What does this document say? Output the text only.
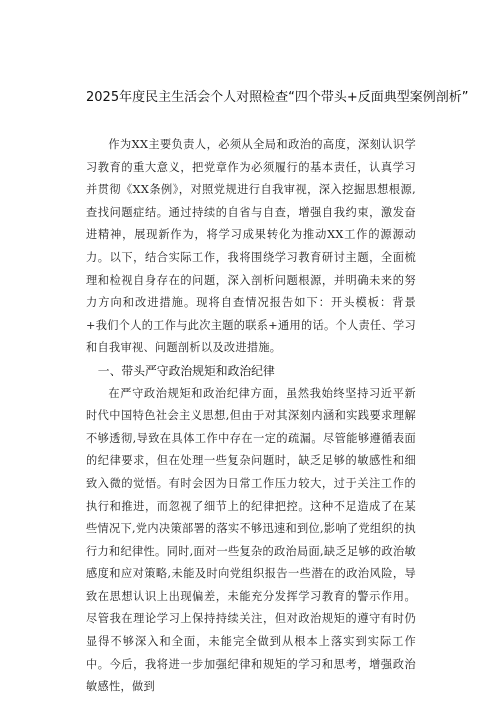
2025年度民主生活会个人对照检查“四个带头+反面典型案例剖析”

作为XX主要负责人，必须从全局和政治的高度，深刻认识学习教育的重大意义，把党章作为必须履行的基本责任，认真学习并贯彻《XX条例》，对照党规进行自我审视，深入挖掘思想根源,查找问题症结。通过持续的自省与自查，增强自我约束，激发奋进精神，展现新作为，将学习成果转化为推动XX工作的源源动力。以下，结合实际工作，我将围绕学习教育研讨主题，全面梳理和检视自身存在的问题，深入剖析问题根源，并明确未来的努力方向和改进措施。现将自查情况报告如下：开头模板：背景+我们个人的工作与此次主题的联系+通用的话。个人责任、学习和自我审视、问题剖析以及改进措施。

一、带头严守政治规矩和政治纪律

在严守政治规矩和政治纪律方面，虽然我始终坚持习近平新时代中国特色社会主义思想,但由于对其深刻内涵和实践要求理解不够透彻,导致在具体工作中存在一定的疏漏。尽管能够遵循表面的纪律要求，但在处理一些复杂问题时，缺乏足够的敏感性和细致入微的觉悟。有时会因为日常工作压力较大，过于关注工作的执行和推进，而忽视了细节上的纪律把控。这种不足造成了在某些情况下,党内决策部署的落实不够迅速和到位,影响了党组织的执行力和纪律性。同时,面对一些复杂的政治局面,缺乏足够的政治敏感度和应对策略,未能及时向党组织报告一些潜在的政治风险，导致在思想认识上出现偏差，未能充分发挥学习教育的警示作用。尽管我在理论学习上保持持续关注，但对政治规矩的遵守有时仍显得不够深入和全面，未能完全做到从根本上落实到实际工作中。今后，我将进一步加强纪律和规矩的学习和思考，增强政治敏感性，做到
